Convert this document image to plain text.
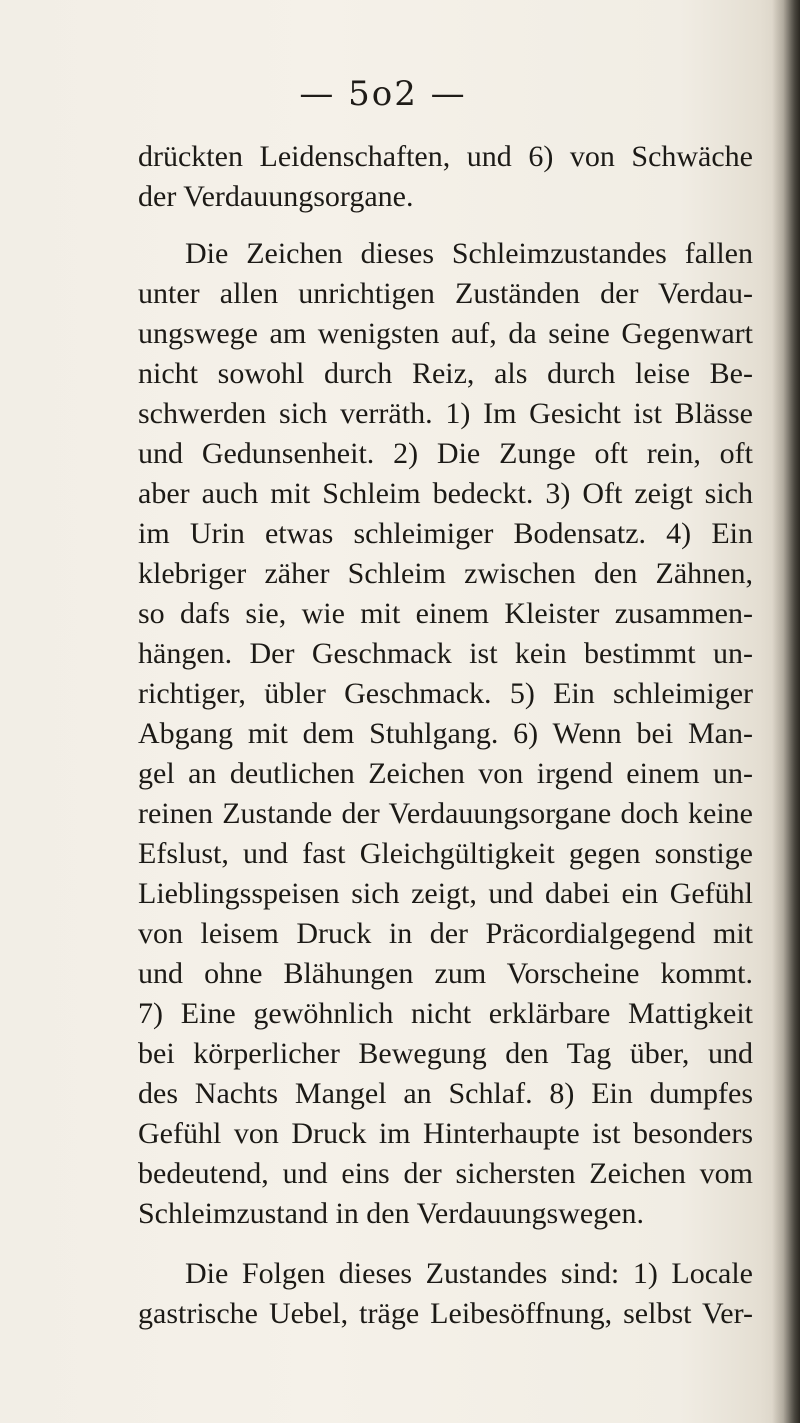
— 5o2 —
drückten Leidenschaften, und 6) von Schwäche
der Verdauungsorgane.
Die Zeichen dieses Schleimzustandes fallen
unter allen unrichtigen Zuständen der Verdau-
ungswege am wenigsten auf, da seine Gegenwart
nicht sowohl durch Reiz, als durch leise Be-
schwerden sich verräth. 1) Im Gesicht ist Blässe
und Gedunsenheit. 2) Die Zunge oft rein, oft
aber auch mit Schleim bedeckt. 3) Oft zeigt sich
im Urin etwas schleimiger Bodensatz. 4) Ein
klebriger zäher Schleim zwischen den Zähnen,
so dafs sie, wie mit einem Kleister zusammen-
hängen. Der Geschmack ist kein bestimmt un-
richtiger, übler Geschmack. 5) Ein schleimiger
Abgang mit dem Stuhlgang. 6) Wenn bei Man-
gel an deutlichen Zeichen von irgend einem un-
reinen Zustande der Verdauungsorgane doch keine
Efslust, und fast Gleichgültigkeit gegen sonstige
Lieblingsspeisen sich zeigt, und dabei ein Gefühl
von leisem Druck in der Präcordialgegend mit
und ohne Blähungen zum Vorscheine kommt.
7) Eine gewöhnlich nicht erklärbare Mattigkeit
bei körperlicher Bewegung den Tag über, und
des Nachts Mangel an Schlaf. 8) Ein dumpfes
Gefühl von Druck im Hinterhaupte ist besonders
bedeutend, und eins der sichersten Zeichen vom
Schleimzustand in den Verdauungswegen.
Die Folgen dieses Zustandes sind: 1) Locale
gastrische Uebel, träge Leibesöffnung, selbst Ver-
